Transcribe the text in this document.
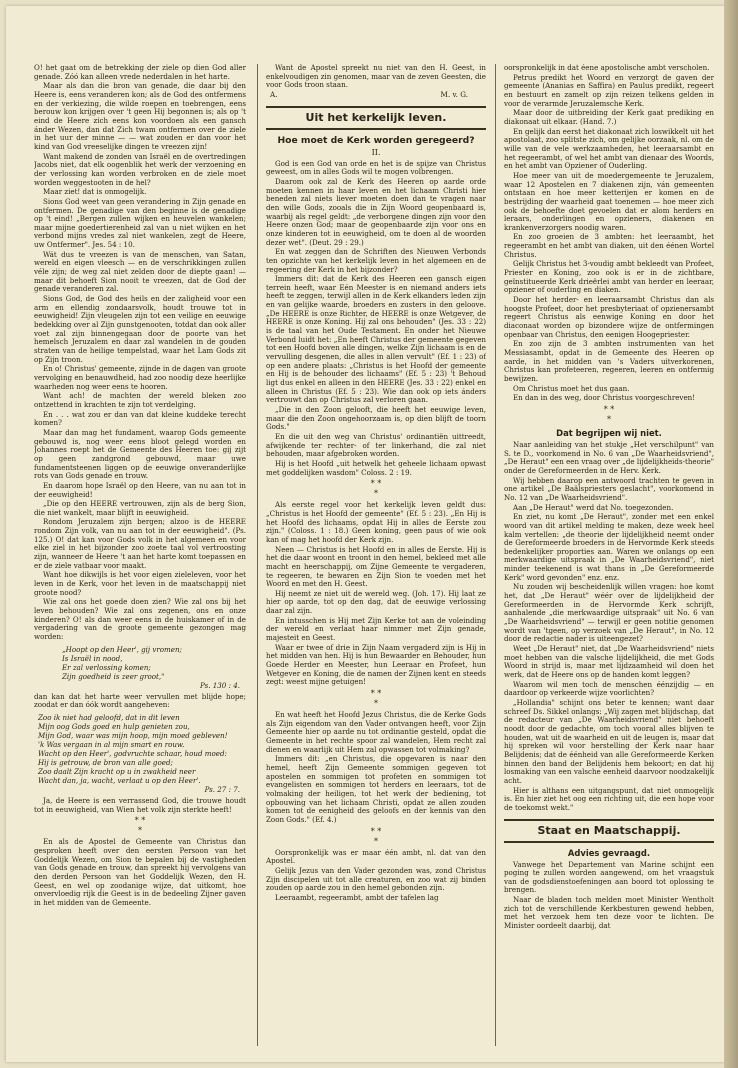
O! het gaat om de betrekking der ziele op dien God aller genade. Zóó kan alleen vrede nederdalen in het harte.

Maar als dan die bron van genade, die daar bij den Heere is, eens veranderen kon; als de God des ontfermens en der verkiezing, die wilde roepen en toebrengen, eens berouw kon krijgen over 't geen Hij begonnen is; als op 't eind de Heere zich eens kon voordoen als een gansch ánder Wezen, dan dat Zich twam ontfermen over de ziele in het uur der minne — — wat zouden er dan voor het kind van God vreeselijke dingen te vreezen zijn!

Want makend de zonden van Israël en de overtredingen Jacobs niet, dat elk oogenblik het werk der verzoening en der verlossing kan worden verbroken en de ziele moet worden weggestooten in de hel?

Maar ziet! dat is onmogelijk.

Sions God weet van geen verandering in Zijn genade en ontfermen. De genadige van den beginne is de genadige op 't eind! „Bergen zullen wijken en heuvelen wankelen; maar mijne goedertierenheid zal van u niet wijken en het verbond mijns vredes zal niet wankelen, zegt de Heere, uw Ontfermer". Jes. 54 : 10.

Wát dus te vreezen is van de menschen, van Satan, wereld en eigen vleesch — en de verschrikkingen zullen véle zijn; de weg zal niet zelden door de diepte gaan! — maar dit behoeft Sion nooit te vreezen, dat de God der genade veranderen zal.

Sions God, de God des heils en der zaligheid voor een arm en ellendig zondaarsvolk, houdt trouwe tot in eeuwigheid! Zijn vleugelen zijn tot een veilige en eeuwige bedekking over al Zijn gunstgenooten, totdat dan ook aller voet zal zijn binnengegaan door de poorte van het hemelsch Jeruzalem en daar zal wandelen in de gouden straten van de heilige tempelstad, waar het Lam Gods zit op Zijn troon.

En o! Christus' gemeente, zijnde in de dagen van groote vervolging en benauwdheid, had zoo noodig deze heerlijke waarheden nog weer eens te hooren.

Want ach! de machten der wereld bleken zoo ontzettend in krachten te zijn tot verdelging.

En . . . wat zou er dan van dat kleine kuddeke terecht komen?

Maar dan mag het fundament, waarop Gods gemeente gebouwd is, nog weer eens bloot gelegd worden en Johannes roept het de Gemeente des Heeren toe: gij zijt op geen zandgrond gebouwd, maar uwe fundamentsteenen liggen op de eeuwige onveranderlijke rots van Gods genade en trouw.

En daarom hope Israël op den Heere, van nu aan tot in der eeuwigheid!

„Die op den HEERE vertrouwen, zijn als de berg Sion, die niet wankelt, maar blijft in eeuwigheid.

Rondom Jeruzalem zijn bergen; alzoo is de HEERE rondom Zijn volk, van nu aan tot in der eeuwigheid". (Ps. 125.) O! dat kan voor Gods volk in het algemeen en voor elke ziel in het bijzonder zoo zoete taal vol vertroosting zijn, wanneer de Heere 't aan het harte komt toepassen en er de ziele vatbaar voor maakt.

Want hoe dikwijls is het voor eigen zieleleven, voor het leven in de Kerk, voor het leven in de maatschappij niet groote nood?

Wie zal ons het goede doen zien? Wie zal ons bij het leven behouden? Wie zal ons zegenen, ons en onze kinderen? O! als dan weer eens in de huiskamer of in de vergadering van de groote gemeente gezongen mag worden:

„Hoopt op den Heer', gij vromen;
Is Israël in nood,
Er zal verlossing komen;
Zijn goedheid is zeer groot,"
Ps. 130 : 4.

dan kan dat het harte weer vervullen met blijde hope; zoodat er dan óók wordt aangeheven:

Zoo ik niet had geloofd, dat in dit leven
Mijn oog Gods goed en hulp genieten zou,
Mijn God, waar was mijn hoop, mijn moed gebleven!
'k Was vergaan in al mijn smart en rouw.
Wacht op den Heer', godvruchte schaar, houd moed:
Hij is getrouw, de bron van alle goed;
Zoo daalt Zijn kracht op u in zwakheid neer
Wacht dan, ja, wacht, verlaat u op den Heer'.
Ps. 27 : 7.

Ja, de Heere is een verrassend God, die trouwe houdt tot in eeuwigheid, van Wien het volk zijn sterkte heeft!

* *
*

En als de Apostel de Gemeente van Christus dan gesproken heeft over den eersten Persoon van het Goddelijk Wezen, om Sion te bepalen bij de vastigheden van Gods genade en trouw, dan spreekt hij vervolgens van den derden Persoon van het Goddelijk Wezen, den H. Geest, en wel op zoodanige wijze, dat uitkomt, hoe onvervloedig rijk die Geest is in de bedeeling Zijner gaven in het midden van de Gemeente.

Want de Apostel spreekt nu niet van den H. Geest, in enkelvoudigen zin genomen, maar van de zeven Geesten, die voor Gods troon staan.

A.	M. v. G.
Uit het kerkelijk leven.
Hoe moet de Kerk worden geregeerd?
II.

God is een God van orde en het is de spijze van Christus geweest, om in alles Gods wil te mogen volbrengen.

Daarom ook zal de Kerk des Heeren op aarde orde moeten kennen in haar leven en het lichaam Christi hier beneden zal niets liever moeten doen dan te vragen naar den wille Gods, zooals die in Zijn Woord geopenbaard is, waarbij als regel geldt: „de verborgene dingen zijn voor den Heere onzen God; maar de geopenbaarde zijn voor ons en onze kinderen tot in eeuwigheid, om te doen al de woorden dezer wet". (Deut. 29 : 29.)

En wat zeggen dan de Schriften des Nieuwen Verbonds ten opzichte van het kerkelijk leven in het algemeen en de regeering der Kerk in het bijzonder?

Immers dit: dat de Kerk des Heeren een gansch eigen terrein heeft, waar Eén Meester is en niemand anders iets heeft te zeggen, terwijl allen in de Kerk elkanders leden zijn en van gelijke waarde, broeders en zusters in den geloove. „De HEERE is onze Richter, de HEERE is onze Wetgever, de HEERE is onze Koning. Hij zal ons behouden" (Jes. 33 : 22) is de taal van het Oude Testament. En onder het Nieuwe Verbond luidt het: „En heeft Christus der gemeente gegeven tot een Hoofd boven alle dingen, welke Zijn lichaam is en de vervulling desgenen, die alles in allen vervult" (Ef. 1 : 23) of op een andere plaats: „Christus is het Hoofd der gemeente en Hij is de behouder des lichaams" (Ef. 5 : 23) 't Behoud ligt dus enkel en alleen in den HEERE (Jes. 33 : 22) enkel en alleen in Christus (Ef. 5 : 23). Wie dan ook op iets ánders vertrouwt dan op Christus zal verloren gaan.

„Die in den Zoon gelooft, die heeft het eeuwige leven, maar die den Zoon ongehoorzaam is, op dien blijft de toorn Gods."

En die uit den weg van Christus' ordinantiën uittreedt, afwijkende ter rechter- of ter linkerhand, die zal niet behouden, maar afgebroken worden.

Hij is het Hoofd „uit hetwelk het geheele lichaam opwast met goddelijken wasdom" Coloss. 2 : 19.

* *
*

Als eerste regel voor het kerkelijk leven geldt dus: „Christus is het Hoofd der gemeente" (Ef. 5 : 23). „En Hij is het Hoofd des lichaams, opdat Hij in alles de Eerste zou zijn." (Coloss. 1 : 18.) Geen koning, geen paus of wie ook kan of mag het hoofd der Kerk zijn.

Neen — Christus is het Hoofd en in alles de Eerste. Hij is het die daar woont en troont in den hemel, bekleed met alle macht en heerschappij, om Zijne Gemeente te vergaderen, te regeeren, te bewaren en Zijn Sion te voeden met het Woord en met den H. Geest.

Hij neemt ze niet uit de wereld weg. (Joh. 17). Hij laat ze hier op aarde, tot op den dag, dat de eeuwige verlossing daar zal zijn.

En intusschen is Hij met Zijn Kerke tot aan de voleinding der wereld en verlaat haar nimmer met Zijn genade, majesteit en Geest.

Waar er twee of drie in Zijn Naam vergaderd zijn is Hij in het midden van hen. Hij is hun Bewaarder en Behouder, hun Goede Herder en Meester, hun Leeraar en Profeet, hun Wetgever en Koning, die de namen der Zijnen kent en steeds zegt: weest mijne getuigen!

* *
*

En wat heeft het Hoofd Jezus Christus, die de Kerke Gods als Zijn eigendom van den Vader ontvangen heeft, voor Zijn Gemeente hier op aarde nu tot ordinantie gesteld, opdat die Gemeente in het rechte spoor zal wandelen, Hem recht zal dienen en waarlijk uit Hem zal opwassen tot volmaking?

Immers dit: „en Christus, die opgevaren is naar den hemel, heeft Zijn Gemeente sommigen gegeven tot apostelen en sommigen tot profeten en sommigen tot evangelisten en sommigen tot herders en leeraars, tot de volmaking der heiligen, tot het werk der bediening, tot opbouwing van het lichaam Christi, opdat ze allen zouden komen tot de eenigheid des geloofs en der kennis van den Zoon Gods." (Ef. 4.)

* *
*

Oorspronkelijk was er maar één ambt, nl. dat van den Apostel.

Gelijk Jezus van den Vader gezonden was, zond Christus Zijn discipelen uit tot alle creaturen, en zoo wat zij binden zouden op aarde zou in den hemel gebonden zijn.

Leeraambt, regeerambt, ambt der tafelen lag

oorspronkelijk in dat éene apostolische ambt verscholen.

Petrus predikt het Woord en verzorgt de gaven der gemeente (Ananias en Saffira) en Paulus predikt, regeert en bestuurt en zamelt op zijn reizen telkens gelden in voor de verarmde Jeruzalemsche Kerk.

Maar door de uitbreiding der Kerk gaat prediking en diakonaat uit elkaar. (Hand. 7.)

En gelijk dan eerst het diakonaat zich loswikkelt uit het apostolaat, zoo splitste zich, om gelijke oorzaak, nl. om de wille van de vele werkzaamheden, het leeraarsambt en het regeerambt, of wel het ambt van dienaar des Woords, en het ambt van Opziener of Ouderling.

Hoe meer van uit de moedergemeente te Jeruzalem, waar 12 Apostelen en 7 diakenen zijn, ván gemeenten ontstaan en hoe meer ketterijen er komen en de bestrijding der waarheid gaat toenemen — hoe meer zich ook de behoefte doet gevoelen dat er alom herders en leraars, onderlingen en opzieners, diakenen en krankenverzorgers noodig waren.

En zoo groeien de 3 ambten: het leeraambt, het regeerambt en het ambt van diaken, uit den éénen Wortel Christus.

Gelijk Christus het 3-voudig ambt bekleedt van Profeet, Priester en Koning, zoo ook is er in de zichtbare, geïnstitueerde Kerk drieërlei ambt van herder en leeraar, opziener of ouderling en diaken.

Door het herder- en leeraarsambt Christus dan als hoogste Profeet, door het presbyteriaat of opzienersambt regeert Christus als eenwige Koning en door het diaconaat worden op bizondere wijze de ontfermingen openbaar van Christus, den eenigen Hoogepriester.

En zoo zijn de 3 ambten instrumenten van het Messiasambt, opdat in de Gemeente des Heeren op aarde, in het midden van 's Vaders uitverkorenen, Christus kan profeteeren, regeeren, leeren en ontfermig bewijzen.

Om Christus moet het dus gaan.

En dan in des weg, door Christus voorgeschreven!

* *
*
Dat begrijpen wij niet.

Naar aanleiding van het stukje „Het verschilpunt" van S. te D., voorkomend in No. 6 van „De Waarheidsvriend", „De Heraut" een een vraag over „de lijdelijkheids-theorie" onder de Gereformeerden in de Herv. Kerk.

Wij hebben daarop een antwoord trachten te geven in one artikel „De Baälspriesters geslacht", voorkomend in No. 12 van „De Waarheidsvriend".

Aan „De Heraut" werd dat No. toegezonden.

En ziet, nu komt „De Heraut", zonder met een enkel woord van dit artikel melding te maken, deze week heel kalm vertellen: „de theorie der lijdelijkheid neemt onder de Gereformeerde broeders in de Hervormde Kerk steeds bedenkelijker proporties aan. Waren we onlangs op een merkwaardige uitspraak in „De Waarheidsvriend", niet minder teekenend is wat thans in „De Gereformeerde Kerk" word gevonden" enz. enz.

Nu zouden wij bescheidenlijk willen vragen: hoe komt het, dat „De Heraut" wéér over de lijdelijkheid der Gereformeerden in de Hervormde Kerk schrijft, aanhalende „die merkwaardige uitspraak" uit No. 6 van „De Waarheidsvriend" — terwijl er geen notitie genomen wordt van 'tgeen, op verzoek van „De Heraut", in No. 12 door de redactie nader is uiteengezet?

Weet „De Heraut" niet, dat „De Waarheidsvriend" niets moet hebben van die valsche lijdelijkheid, die met Gods Woord in strijd is, maar met lijdzaamheid wil doen het werk, dat de Heere ons op de handen komt leggen?

Waarom wil men toch de menschen éénzijdig — en daardoor op verkeerde wijze voorlichten?

„Hollandia" schijnt ons beter te kennen; want daar schreef Ds. Sikkel onlangs: „Wij zagen met blijdschap, dat de redacteur van „De Waarheidsvriend" niet behoeft noodt door de gedachte, om toch vooral alles blijven te houden, wat uit de waarheid en uit de leugen is, maar dat hij spreken wil voor herstelling der Kerk naar haar Belijdenis; dat de éénheid van alle Gereformeerde Kerken binnen den band der Belijdenis hem bekoort; en dat hij losmaking van een valsche eenheid daarvoor noodzakelijk acht.

Hier is althans een uitgangspunt, dat niet onmogelijk is. En hier ziet het oog een richting uit, die een hope voor de toekomst wekt."

Staat en Maatschappij.
Advies gevraagd.

Vanwege het Departement van Marine schijnt een poging te zullen worden aangewend, om het vraagstuk van de godsdienstoefeningen aan boord tot oplossing te brengen.

Naar de bladen toch melden moet Minister Wentholt zich tot de verschillende Kerkbesturen gewend hebben, met het verzoek hem ten deze voor te lichten. De Minister oordeelt daarbij, dat
